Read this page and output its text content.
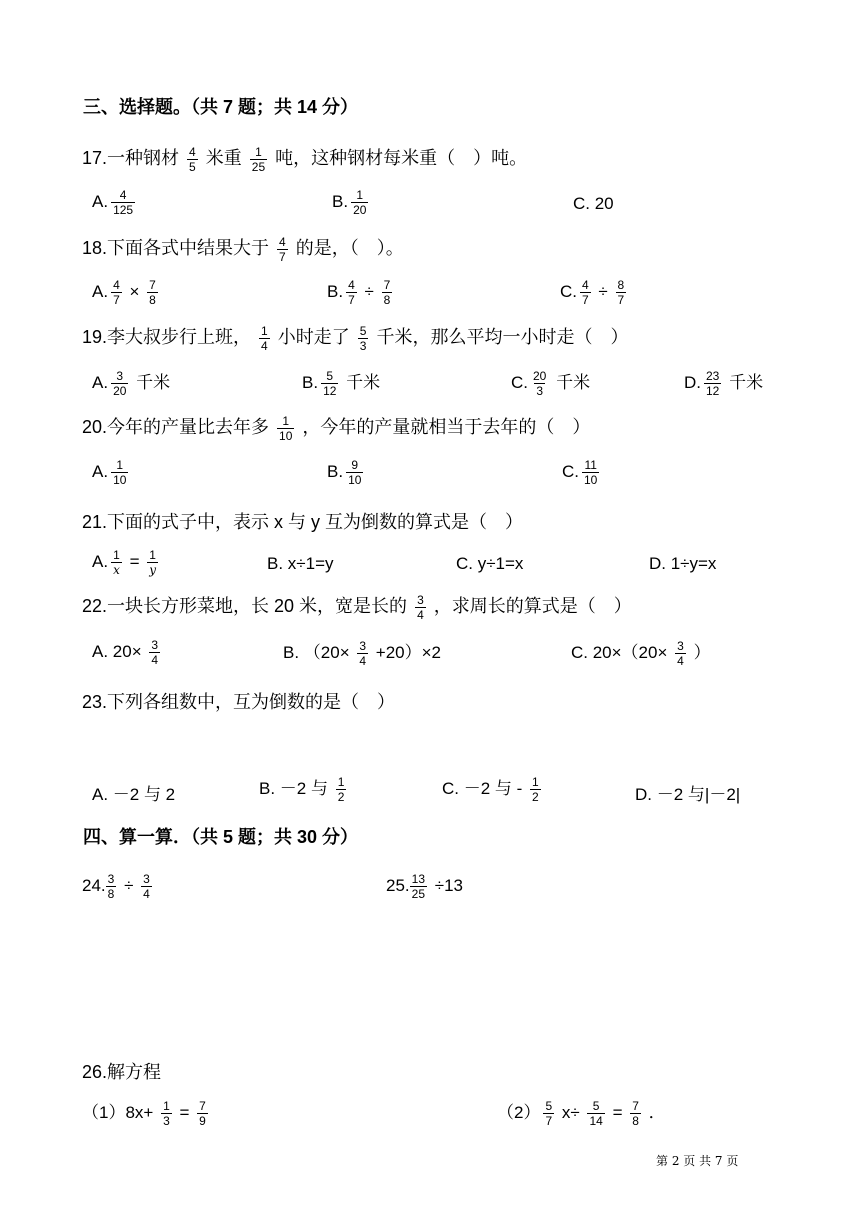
三、选择题。（共 7 题；共 14 分）
17.一种钢材 $\frac{4}{5}$ 米重 $\frac{1}{25}$ 吨，这种钢材每米重（　）吨。
A. $\frac{4}{125}$	B. $\frac{1}{20}$	C. 20
18.下面各式中结果大于 $\frac{4}{7}$ 的是，（　）。
A. $\frac{4}{7} \times \frac{7}{8}$	B. $\frac{4}{7} \div \frac{7}{8}$	C. $\frac{4}{7} \div \frac{8}{7}$
19.李大叔步行上班， $\frac{1}{4}$ 小时走了 $\frac{5}{3}$ 千米，那么平均一小时走（　）
A. $\frac{3}{20}$ 千米	B. $\frac{5}{12}$ 千米	C. $\frac{20}{3}$ 千米	D. $\frac{23}{12}$ 千米
20.今年的产量比去年多 $\frac{1}{10}$ ，今年的产量就相当于去年的（　）
A. $\frac{1}{10}$	B. $\frac{9}{10}$	C. $\frac{11}{10}$
21.下面的式子中，表示 x 与 y 互为倒数的算式是（　）
A. $\frac{1}{x} = \frac{1}{y}$	B. x÷1=y	C. y÷1=x	D. 1÷y=x
22.一块长方形菜地，长 20 米，宽是长的 $\frac{3}{4}$ ，求周长的算式是（　）
A. $20\times \frac{3}{4}$	B. $(20\times \frac{3}{4} +20)\times 2$	C. $20\times(20\times \frac{3}{4}$ ）
23.下列各组数中，互为倒数的是（　）
A. －2 与 2	B. －2 与 $\frac{1}{2}$	C. －2 与 - $\frac{1}{2}$	D. －2 与|－2|
四、算一算．（共 5 题；共 30 分）
24. $\frac{3}{8} \div \frac{3}{4}$	25. $\frac{13}{25} \div 13$
26.解方程
$(1)8x+ \frac{1}{3} = \frac{7}{9}$	$(2) \frac{5}{7} x\div \frac{5}{14} = \frac{7}{8}$ ．
第 2 页 共 7 页
